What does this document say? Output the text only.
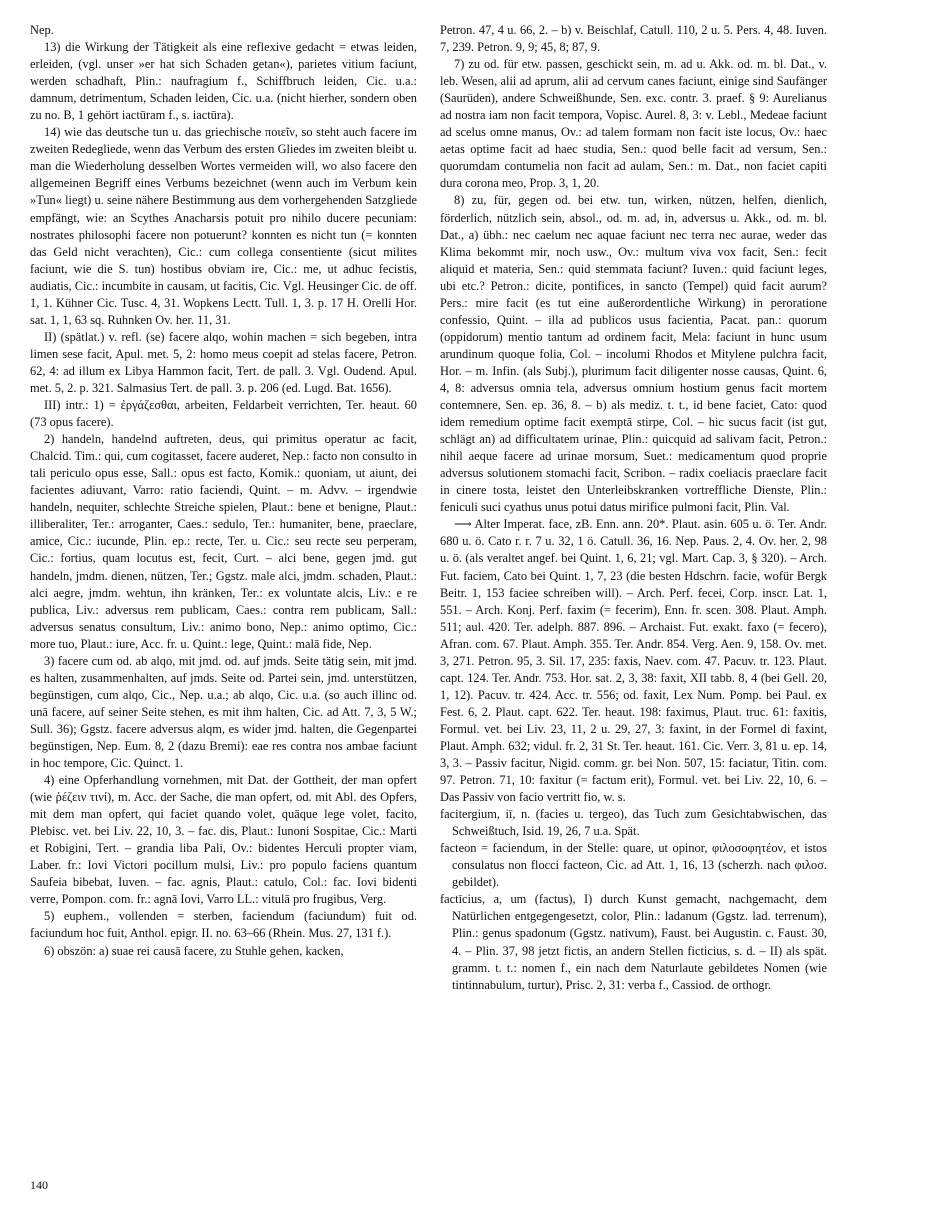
Nep.

13) die Wirkung der Tätigkeit als eine reflexive gedacht = etwas leiden, erleiden, (vgl. unser »er hat sich Schaden getan«), parietes vitium faciunt, werden schadhaft, Plin.: naufragium f., Schiffbruch leiden, Cic. u.a.: damnum, detrimentum, Schaden leiden, Cic. u.a. (nicht hierher, sondern oben zu no. B, 1 gehört iactūram f., s. iactūra).

14) wie das deutsche tun u. das griechische ποιεῖν, so steht auch facere im zweiten Redegliede, wenn das Verbum des ersten Gliedes im zweiten bleibt u. man die Wiederholung desselben Wortes vermeiden will, wo also facere den allgemeinen Begriff eines Verbums bezeichnet (wenn auch im Verbum kein »Tun« liegt) u. seine nähere Bestimmung aus dem vorhergehenden Satzgliede empfängt, wie: an Scythes Anacharsis potuit pro nihilo ducere pecuniam: nostrates philosophi facere non potuerunt? konnten es nicht tun (= konnten das Geld nicht verachten), Cic.: cum collega consentiente (sicut milites faciunt, wie die S. tun) hostibus obviam ire, Cic.: me, ut adhuc fecistis, audiatis, Cic.: incumbite in causam, ut facitis, Cic. Vgl. Heusinger Cic. de off. 1, 1. Kühner Cic. Tusc. 4, 31. Wopkens Lectt. Tull. 1, 3. p. 17 H. Orelli Hor. sat. 1, 1, 63 sq. Ruhnken Ov. her. 11, 31.

II) (spätlat.) v. refl. (se) facere alqo, wohin machen = sich begeben, intra limen sese facit, Apul. met. 5, 2: homo meus coepit ad stelas facere, Petron. 62, 4: ad illum ex Libya Hammon facit, Tert. de pall. 3. Vgl. Oudend. Apul. met. 5, 2. p. 321. Salmasius Tert. de pall. 3. p. 206 (ed. Lugd. Bat. 1656).

III) intr.: 1) = ἐργάζεσθαι, arbeiten, Feldarbeit verrichten, Ter. heaut. 60 (73 opus facere).

2) handeln, handelnd auftreten, deus, qui primitus operatur ac facit, Chalcid. Tim.: qui, cum cogitasset, facere auderet, Nep.: facto non consulto in tali periculo opus esse, Sall.: opus est facto, Komik.: quoniam, ut aiunt, dei facientes adiuvant, Varro: ratio faciendi, Quint. – m. Advv. – irgendwie handeln, nequiter, schlechte Streiche spielen, Plaut.: bene et benigne, Plaut.: illiberaliter, Ter.: arroganter, Caes.: sedulo, Ter.: humaniter, bene, praeclare, amice, Cic.: iucunde, Plin. ep.: recte, Ter. u. Cic.: seu recte seu perperam, Cic.: fortius, quam locutus est, fecit, Curt. – alci bene, gegen jmd. gut handeln, jmdm. dienen, nützen, Ter.; Ggstz. male alci, jmdm. schaden, Plaut.: alci aegre, jmdm. wehtun, ihn kränken, Ter.: ex voluntate alcis, Liv.: e re publica, Liv.: adversus rem publicam, Caes.: contra rem publicam, Sall.: adversus senatus consultum, Liv.: animo bono, Nep.: animo optimo, Cic.: more tuo, Plaut.: iure, Acc. fr. u. Quint.: lege, Quint.: malā fide, Nep.

3) facere cum od. ab alqo, mit jmd. od. auf jmds. Seite tätig sein, mit jmd. es halten, zusammenhalten, auf jmds. Seite od. Partei sein, jmd. unterstützen, begünstigen, cum alqo, Cic., Nep. u.a.; ab alqo, Cic. u.a. (so auch illinc od. unā facere, auf seiner Seite stehen, es mit ihm halten, Cic. ad Att. 7, 3, 5 W.; Sull. 36); Ggstz. facere adversus alqm, es wider jmd. halten, die Gegenpartei begünstigen, Nep. Eum. 8, 2 (dazu Bremi): eae res contra nos ambae faciunt in hoc tempore, Cic. Quinct. 1.

4) eine Opferhandlung vornehmen, mit Dat. der Gottheit, der man opfert (wie ῥέζειν τινί), m. Acc. der Sache, die man opfert, od. mit Abl. des Opfers, mit dem man opfert, qui faciet quando volet, quāque lege volet, facito, Plebisc. vet. bei Liv. 22, 10, 3. – fac. dis, Plaut.: Iunoni Sospitae, Cic.: Marti et Robigini, Tert. – grandia liba Pali, Ov.: bidentes Herculi propter viam, Laber. fr.: Iovi Victori pocillum mulsi, Liv.: pro populo faciens quantum Saufeia bibebat, Iuven. – fac. agnis, Plaut.: catulo, Col.: fac. Iovi bidenti verre, Pompon. com. fr.: agnā Iovi, Varro LL.: vitulā pro frugibus, Verg.

5) euphem., vollenden = sterben, faciendum (faciundum) fuit od. faciundum hoc fuit, Anthol. epigr. II. no. 63–66 (Rhein. Mus. 27, 131 f.).

6) obszön: a) suae rei causā facere, zu Stuhle gehen, kacken,

Petron. 47, 4 u. 66, 2. – b) v. Beischlaf, Catull. 110, 2 u. 5. Pers. 4, 48. Iuven. 7, 239. Petron. 9, 9; 45, 8; 87, 9.

7) zu od. für etw. passen, geschickt sein, m. ad u. Akk. od. m. bl. Dat., v. leb. Wesen, alii ad aprum, alii ad cervum canes faciunt, einige sind Saufänger (Saurüden), andere Schweißhunde, Sen. exc. contr. 3. praef. § 9: Aurelianus ad nostra iam non facit tempora, Vopisc. Aurel. 8, 3: v. Lebl., Medeae faciunt ad scelus omne manus, Ov.: ad talem formam non facit iste locus, Ov.: haec aetas optime facit ad haec studia, Sen.: quod belle facit ad versum, Sen.: quorumdam contumelia non facit ad aulam, Sen.: m. Dat., non faciet capiti dura corona meo, Prop. 3, 1, 20.

8) zu, für, gegen od. bei etw. tun, wirken, nützen, helfen, dienlich, förderlich, nützlich sein, absol., od. m. ad, in, adversus u. Akk., od. m. bl. Dat., a) übh.: nec caelum nec aquae faciunt nec terra nec aurae, weder das Klima bekommt mir, noch usw., Ov.: multum viva vox facit, Sen.: fecit aliquid et materia, Sen.: quid stemmata faciunt? Iuven.: quid faciunt leges, ubi etc.? Petron.: dicite, pontifices, in sancto (Tempel) quid facit aurum? Pers.: mire facit (es tut eine außerordentliche Wirkung) in peroratione confessio, Quint. – illa ad publicos usus facientia, Pacat. pan.: quorum (oppidorum) mentio tantum ad ordinem facit, Mela: faciunt in hunc usum arundinum quoque folia, Col. – incolumi Rhodos et Mitylene pulchra facit, Hor. – m. Infin. (als Subj.), plurimum facit diligenter nosse causas, Quint. 6, 4, 8: adversus omnia tela, adversus omnium hostium genus facit mortem contemnere, Sen. ep. 36, 8. – b) als mediz. t. t., id bene faciet, Cato: quod idem remedium optime facit exemptā stirpe, Col. – hic sucus facit (ist gut, schlägt an) ad difficultatem urinae, Plin.: quicquid ad salivam facit, Petron.: nihil aeque facere ad urinae morsum, Suet.: medicamentum quod proprie adversus solutionem stomachi facit, Scribon. – radix coeliacis praeclare facit in cinere tosta, leistet den Unterleibskranken vortreffliche Dienste, Plin.: feniculi suci cyathus unus potui datus mirifice pulmoni facit, Plin. Val.

⟶ Alter Imperat. face, zB. Enn. ann. 20*. Plaut. asin. 605 u. ö. Ter. Andr. 680 u. ö. Cato r. r. 7 u. 32, 1 ö. Catull. 36, 16. Nep. Paus. 2, 4. Ov. her. 2, 98 u. ö. (als veraltet angef. bei Quint. 1, 6, 21; vgl. Mart. Cap. 3, § 320). – Arch. Fut. faciem, Cato bei Quint. 1, 7, 23 (die besten Hdschrn. facie, wofür Bergk Beitr. 1, 153 faciee schreiben will). – Arch. Perf. fecei, Corp. inscr. Lat. 1, 551. – Arch. Konj. Perf. faxim (= fecerim), Enn. fr. scen. 308. Plaut. Amph. 511; aul. 420. Ter. adelph. 887. 896. – Archaist. Fut. exakt. faxo (= fecero), Afran. com. 67. Plaut. Amph. 355. Ter. Andr. 854. Verg. Aen. 9, 158. Ov. met. 3, 271. Petron. 95, 3. Sil. 17, 235: faxis, Naev. com. 47. Pacuv. tr. 123. Plaut. capt. 124. Ter. Andr. 753. Hor. sat. 2, 3, 38: faxit, XII tabb. 8, 4 (bei Gell. 20, 1, 12). Pacuv. tr. 424. Acc. tr. 556; od. faxit, Lex Num. Pomp. bei Paul. ex Fest. 6, 2. Plaut. capt. 622. Ter. heaut. 198: faximus, Plaut. truc. 61: faxitis, Formul. vet. bei Liv. 23, 11, 2 u. 29, 27, 3: faxint, in der Formel di faxint, Plaut. Amph. 632; vidul. fr. 2, 31 St. Ter. heaut. 161. Cic. Verr. 3, 81 u. ep. 14, 3, 3. – Passiv facitur, Nigid. comm. gr. bei Non. 507, 15: faciatur, Titin. com. 97. Petron. 71, 10: faxitur (= factum erit), Formul. vet. bei Liv. 22, 10, 6. – Das Passiv von facio vertritt fio, w. s.

facitergium, iī, n. (facies u. tergeo), das Tuch zum Gesichtabwischen, das Schweißtuch, Isid. 19, 26, 7 u.a. Spät.

facteon = faciendum, in der Stelle: quare, ut opinor, φιλοσοφητέον, et istos consulatus non flocci facteon, Cic. ad Att. 1, 16, 13 (scherzh. nach φιλοσ. gebildet).

factīcius, a, um (factus), I) durch Kunst gemacht, nachgemacht, dem Natürlichen entgegengesetzt, color, Plin.: ladanum (Ggstz. lad. terrenum), Plin.: genus spadonum (Ggstz. nativum), Faust. bei Augustin. c. Faust. 30, 4. – Plin. 37, 98 jetzt fictis, an andern Stellen ficticius, s. d. – II) als spät. gramm. t. t.: nomen f., ein nach dem Naturlaute gebildetes Nomen (wie tintinnabulum, turtur), Prisc. 2, 31: verba f., Cassiod. de orthogr.

140
